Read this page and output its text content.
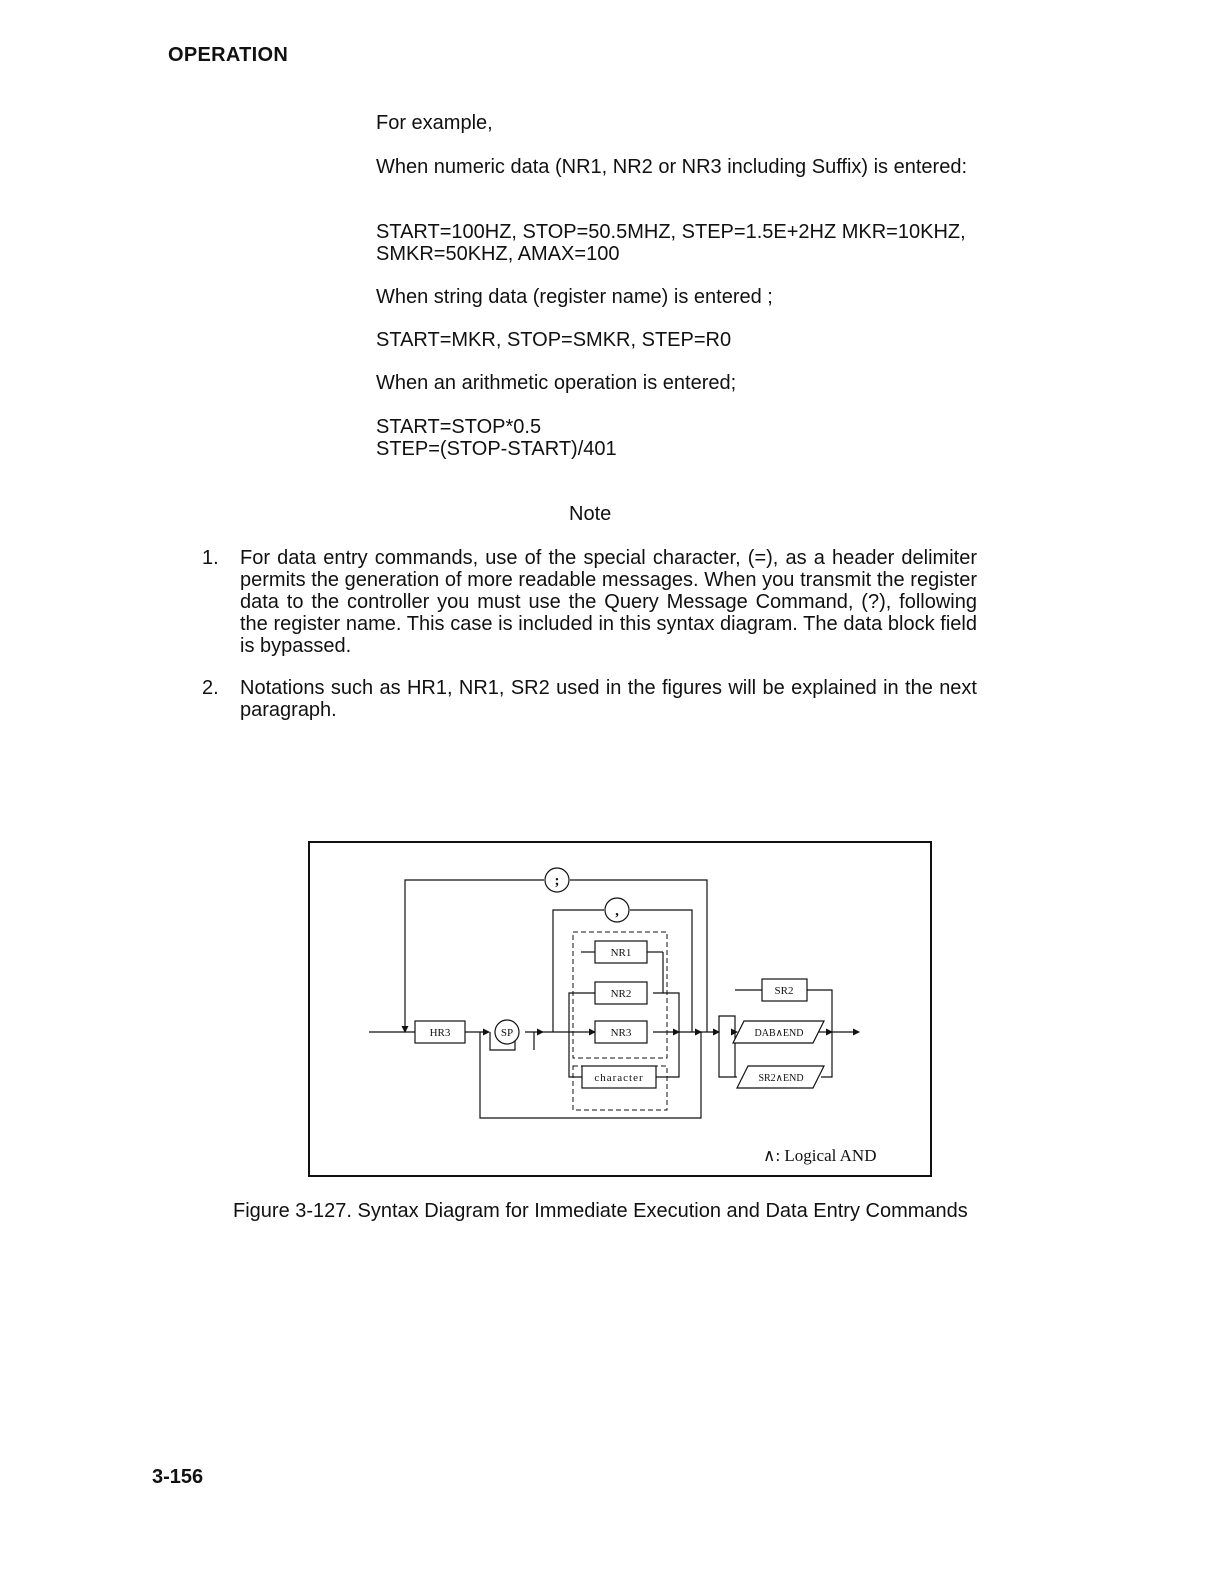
OPERATION

For example,

When numeric data (NR1, NR2 or NR3 including Suffix) is entered:

START=100HZ, STOP=50.5MHZ, STEP=1.5E+2HZ MKR=10KHZ,
SMKR=50KHZ, AMAX=100

When string data (register name) is entered ;

START=MKR, STOP=SMKR, STEP=R0

When an arithmetic operation is entered;

START=STOP*0.5
STEP=(STOP-START)/401
Note
1.	For data entry commands, use of the special character, (=), as a header delimiter permits the generation of more readable messages. When you transmit the register data to the controller you must use the Query Message Command, (?), following the register name. This case is included in this syntax diagram. The data block field is bypassed.
2.	Notations such as HR1, NR1, SR2 used in the figures will be explained in the next paragraph.
HR3	SP
;
,
NR1
NR2
NR3
character
SR2
DAB∧END
SR2∧END
∧: Logical AND
Figure 3-127. Syntax Diagram for Immediate Execution and Data Entry Commands
3-156
